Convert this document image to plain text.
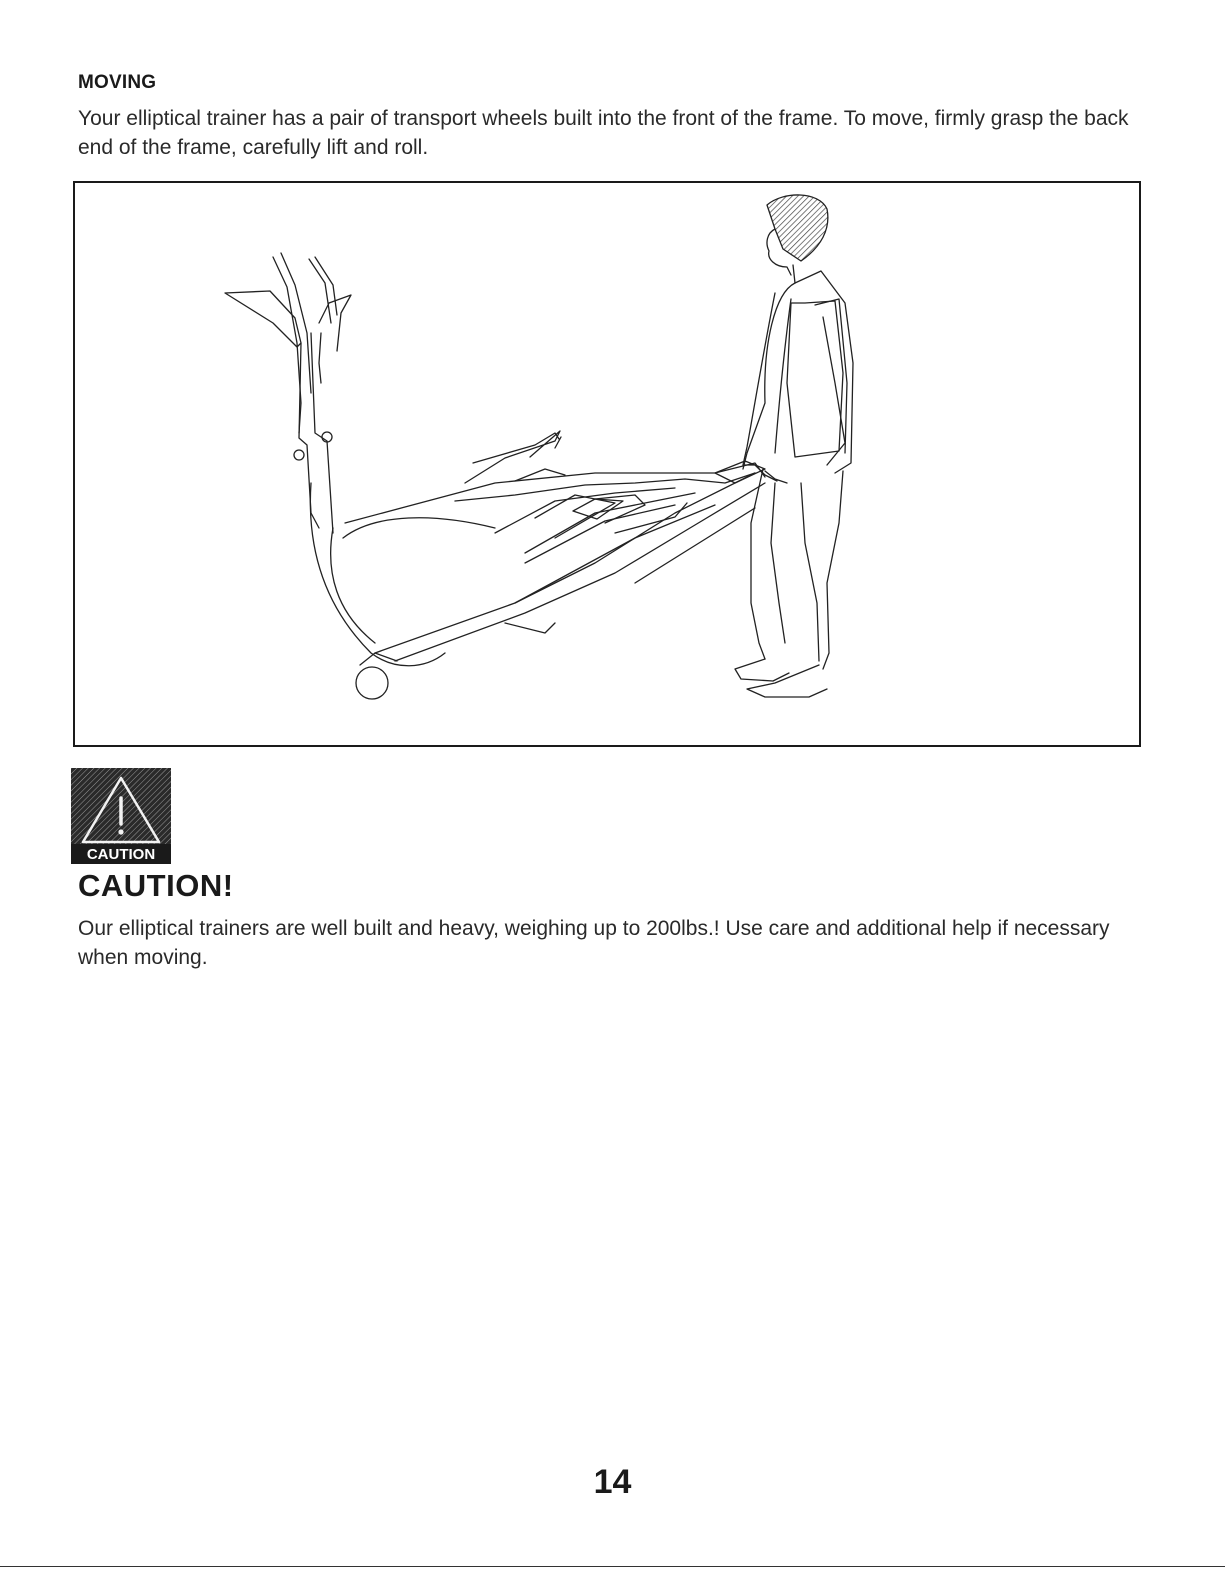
MOVING
Your elliptical trainer has a pair of transport wheels built into the front of the frame. To move, firmly grasp the back end of the frame, carefully lift and roll.
CAUTION
CAUTION!
Our elliptical trainers are well built and heavy, weighing up to 200lbs.! Use care and additional help if necessary when moving.
14
